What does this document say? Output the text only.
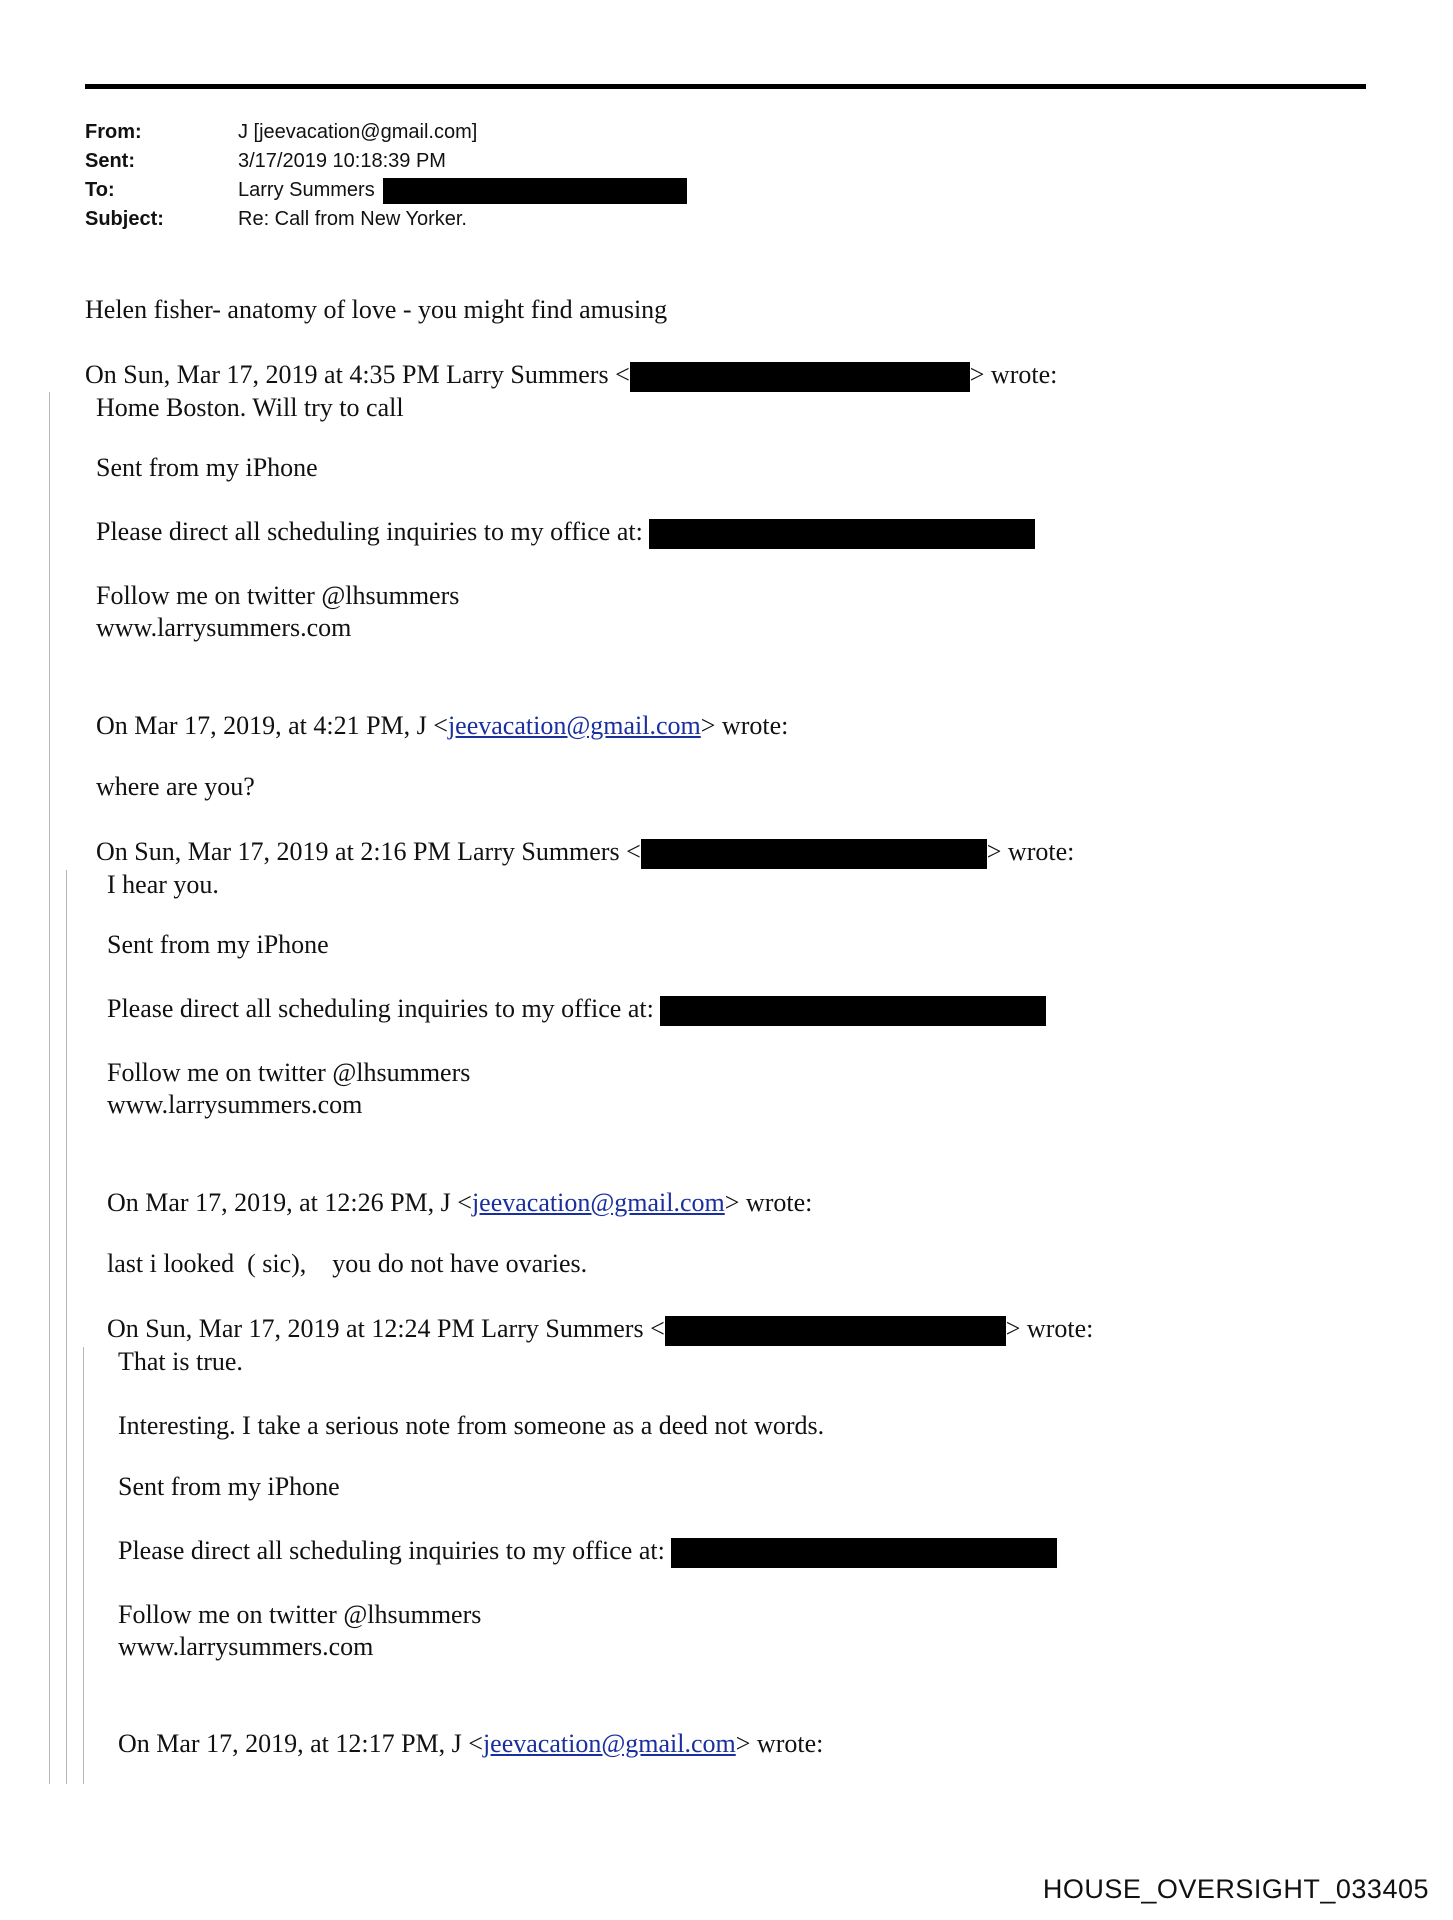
From:	J [jeevacation@gmail.com]
Sent:	3/17/2019 10:18:39 PM
To:	Larry Summers
Subject:	Re: Call from New Yorker.
Helen fisher- anatomy of love - you might find amusing
On Sun, Mar 17, 2019 at 4:35 PM Larry Summers <	> wrote:
Home Boston. Will try to call
Sent from my iPhone
Please direct all scheduling inquiries to my office at:
Follow me on twitter @lhsummers
www.larrysummers.com
On Mar 17, 2019, at 4:21 PM, J <jeevacation@gmail.com> wrote:
where are you?
On Sun, Mar 17, 2019 at 2:16 PM Larry Summers <	> wrote:
I hear you.
Sent from my iPhone
Please direct all scheduling inquiries to my office at:
Follow me on twitter @lhsummers
www.larrysummers.com
On Mar 17, 2019, at 12:26 PM, J <jeevacation@gmail.com> wrote:
last i looked  ( sic),    you do not have ovaries.
On Sun, Mar 17, 2019 at 12:24 PM Larry Summers <	> wrote:
That is true.
Interesting. I take a serious note from someone as a deed not words.
Sent from my iPhone
Please direct all scheduling inquiries to my office at:
Follow me on twitter @lhsummers
www.larrysummers.com
On Mar 17, 2019, at 12:17 PM, J <jeevacation@gmail.com> wrote:
HOUSE_OVERSIGHT_033405
